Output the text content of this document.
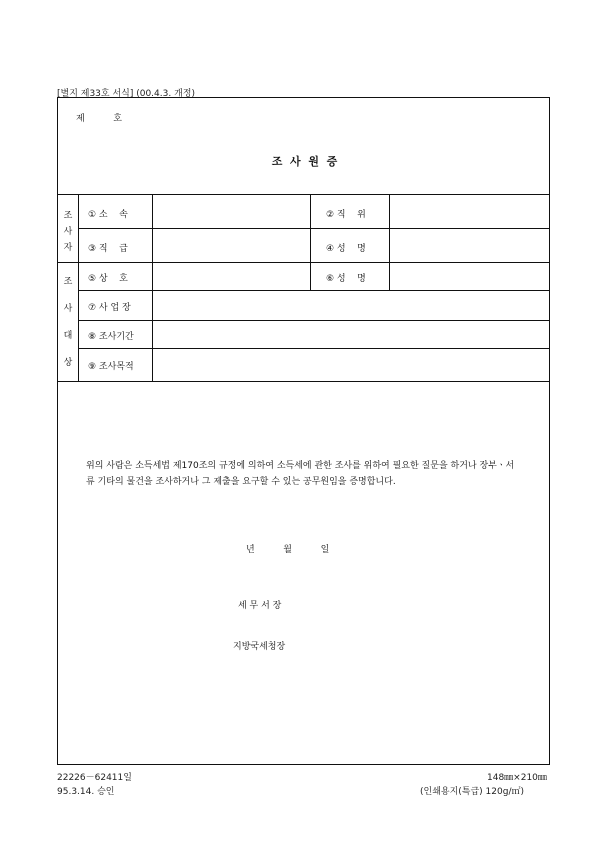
[별지 제33호 서식] (00.4.3. 개정)
제          호
조  사  원  증
조
사
자
조
사
대
상
① 소    속	② 직    위
③ 직    급	④ 성    명
⑤ 상    호	⑥ 성    명
⑦ 사 업 장
⑧ 조사기간
⑨ 조사목적
위의 사람은 소득세법 제170조의 규정에 의하여 소득세에 관한 조사를 위하여 필요한 질문을 하거나 장부ㆍ서류 기타의 물건을 조사하거나 그 제출을 요구할 수 있는 공무원임을 증명합니다.
년          월          일
세 무 서 장
지방국세청장
22226－62411일	148㎜×210㎜
95.3.14. 승인	(인쇄용지(특급) 120g/㎡)
